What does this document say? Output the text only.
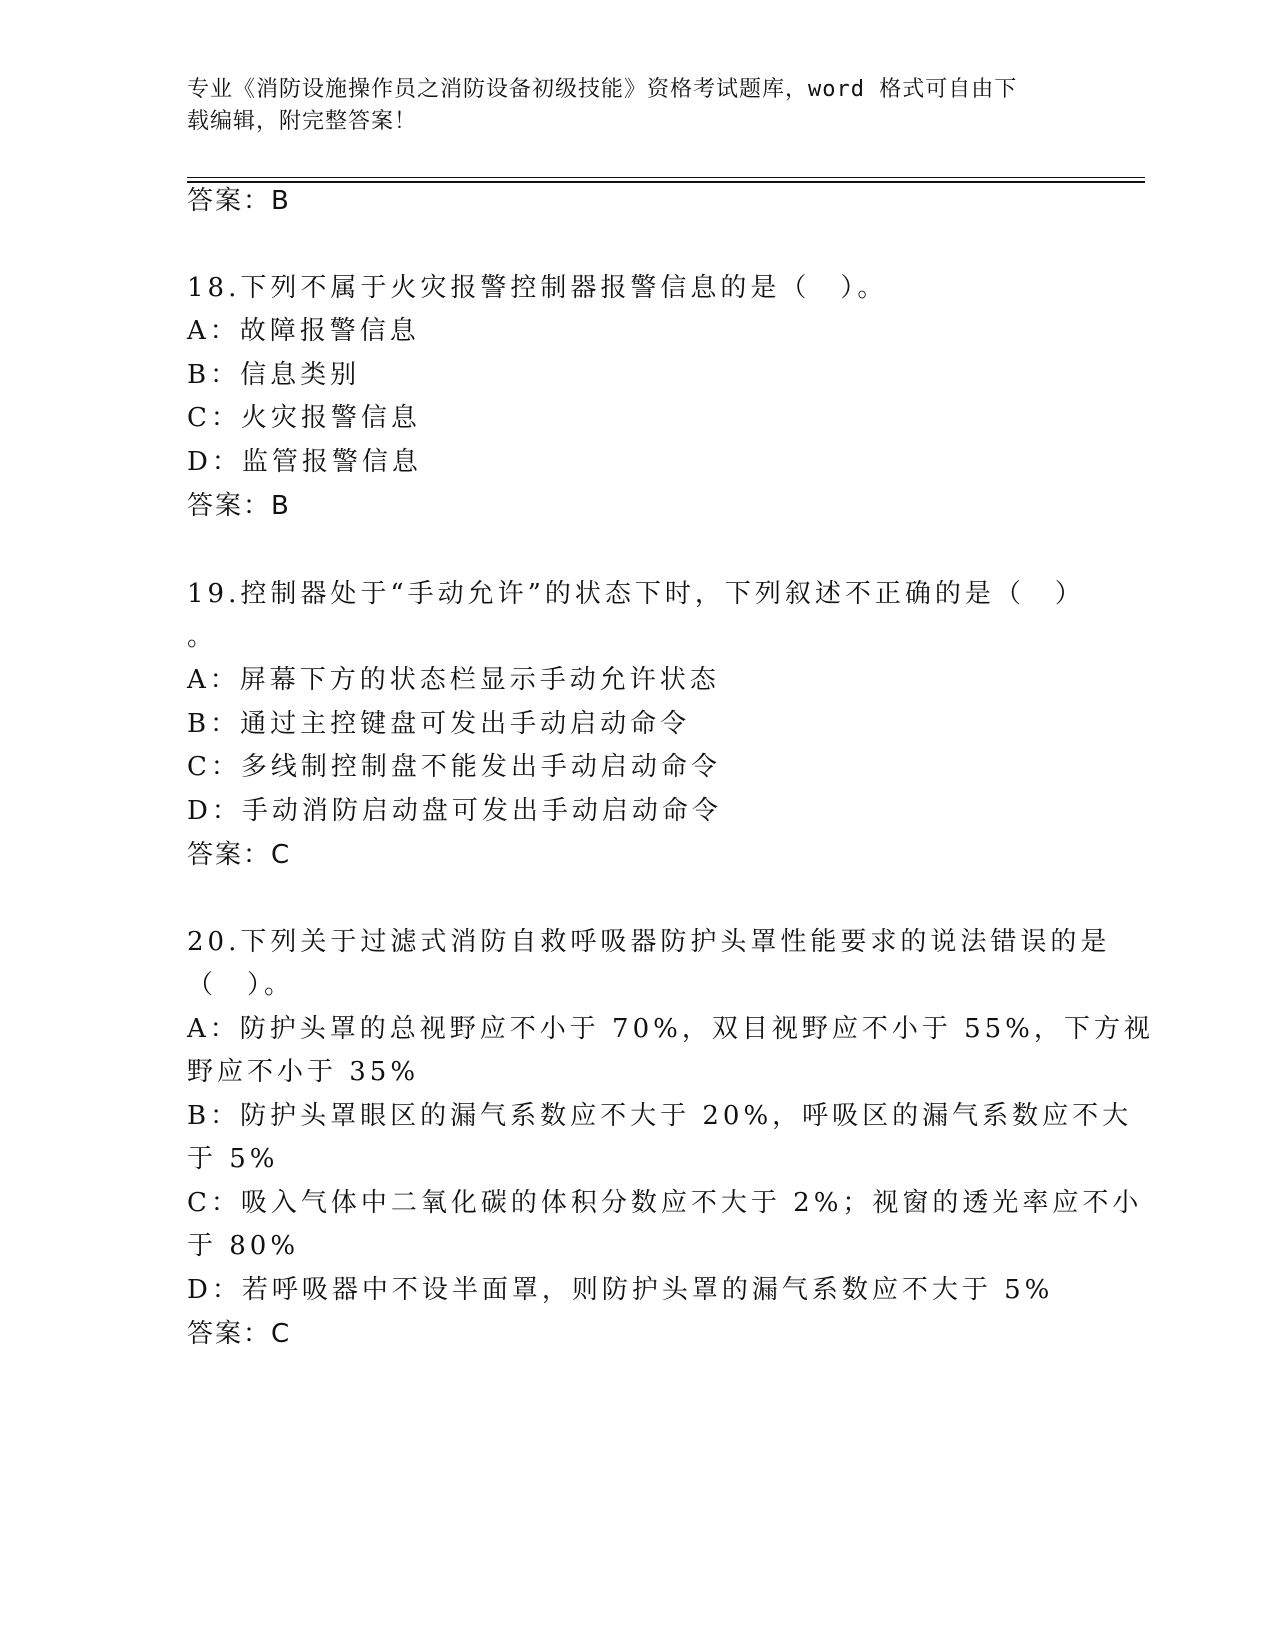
专业《消防设施操作员之消防设备初级技能》资格考试题库，word 格式可自由下
载编辑，附完整答案！
答案：B
18.下列不属于火灾报警控制器报警信息的是（　）。
A：故障报警信息
B：信息类别
C：火灾报警信息
D：监管报警信息
答案：B
19.控制器处于“手动允许”的状态下时，下列叙述不正确的是（　）
。
A：屏幕下方的状态栏显示手动允许状态
B：通过主控键盘可发出手动启动命令
C：多线制控制盘不能发出手动启动命令
D：手动消防启动盘可发出手动启动命令
答案：C
20.下列关于过滤式消防自救呼吸器防护头罩性能要求的说法错误的是
（　）。
A：防护头罩的总视野应不小于 70%，双目视野应不小于 55%，下方视
野应不小于 35%
B：防护头罩眼区的漏气系数应不大于 20%，呼吸区的漏气系数应不大
于 5%
C：吸入气体中二氧化碳的体积分数应不大于 2%；视窗的透光率应不小
于 80%
D：若呼吸器中不设半面罩，则防护头罩的漏气系数应不大于 5%
答案：C
